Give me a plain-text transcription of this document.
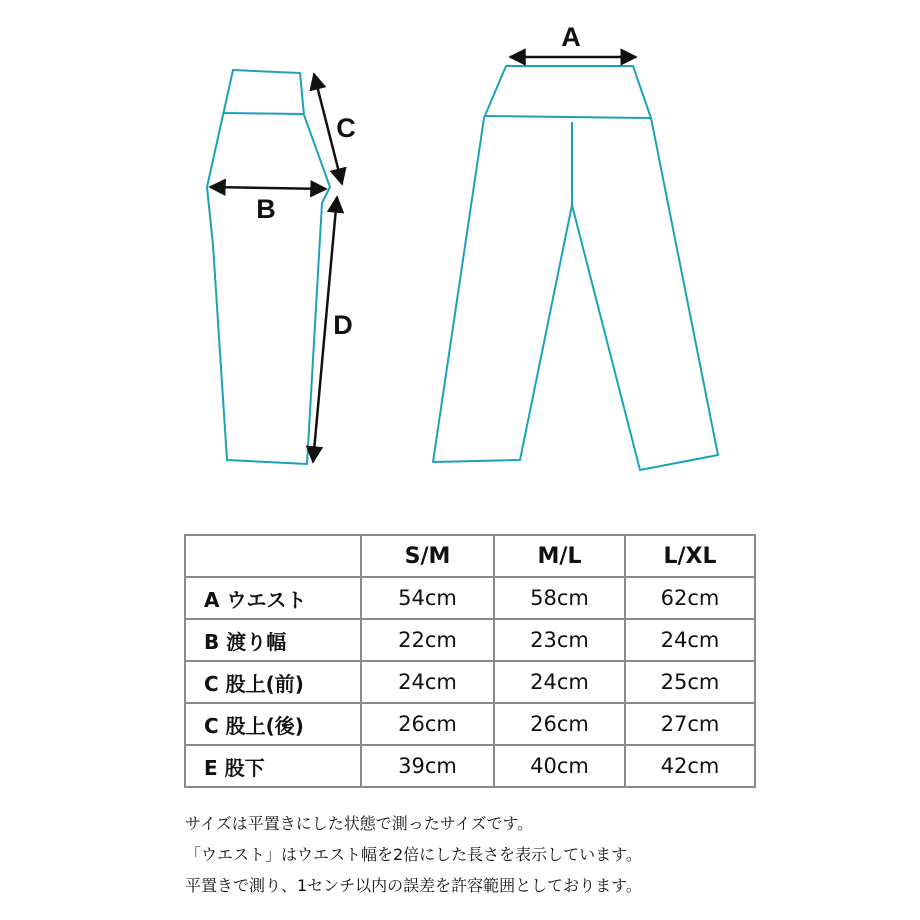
A
C
B
D
	S/M	M/L	L/XL
A ウエスト	54cm	58cm	62cm
B 渡り幅	22cm	23cm	24cm
C 股上(前)	24cm	24cm	25cm
C 股上(後)	26cm	26cm	27cm
E 股下	39cm	40cm	42cm
サイズは平置きにした状態で測ったサイズです。
「ウエスト」はウエスト幅を2倍にした長さを表示しています。
平置きで測り、1センチ以内の誤差を許容範囲としております。
